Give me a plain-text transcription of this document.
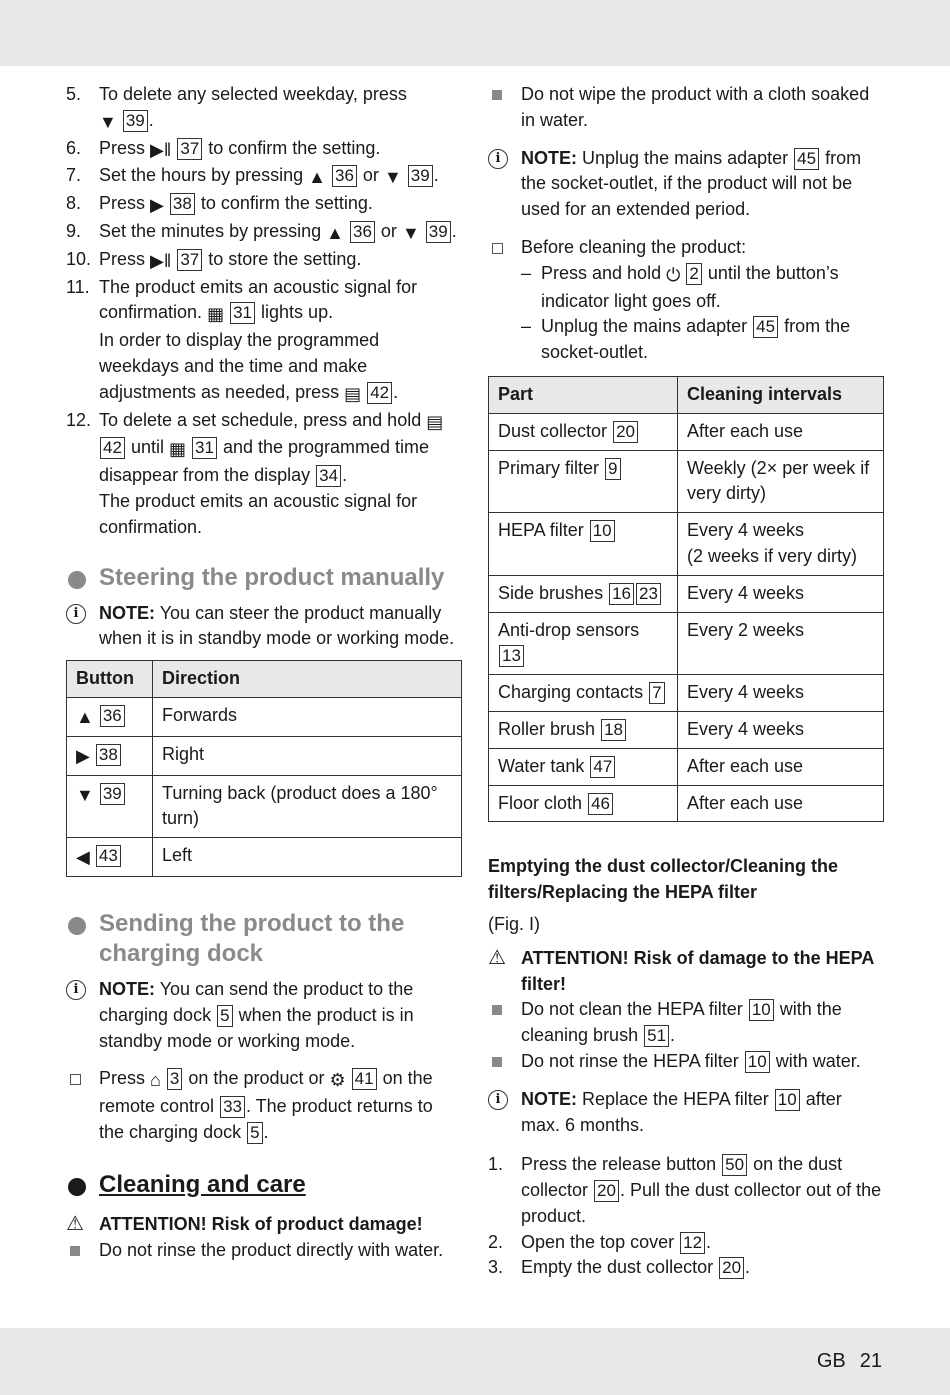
5. To delete any selected weekday, press
▼ 39 .
6. Press ▶‖ 37 to confirm the setting.
7. Set the hours by pressing ▲ 36 or ▼ 39 .
8. Press ▶ 38 to confirm the setting.
9. Set the minutes by pressing ▲ 36 or ▼ 39 .
10. Press ▶‖ 37 to store the setting.
11. The product emits an acoustic signal for confirmation. ▦ 31 lights up.
In order to display the programmed weekdays and the time and make adjustments as needed, press ▤ 42 .
12. To delete a set schedule, press and hold ▤ 42 until ▦ 31 and the programmed time disappear from the display 34 .
The product emits an acoustic signal for confirmation.
Steering the product manually
i	NOTE: You can steer the product manually when it is in standby mode or working mode.
Button	Direction
▲ 36	Forwards
▶ 38	Right
▼ 39	Turning back (product does a 180° turn)
◀ 43	Left
Sending the product to the charging dock
i	NOTE: You can send the product to the charging dock 5 when the product is in standby mode or working mode.
Press ⌂ 3 on the product or ⚙ 41 on the remote control 33 . The product returns to the charging dock 5 .
Cleaning and care
⚠ ATTENTION! Risk of product damage!
Do not rinse the product directly with water.
Do not wipe the product with a cloth soaked in water.
i	NOTE: Unplug the mains adapter 45 from the socket-outlet, if the product will not be used for an extended period.
Before cleaning the product:
– Press and hold ⏻ 2 until the button’s indicator light goes off.
– Unplug the mains adapter 45 from the socket-outlet.
Part	Cleaning intervals
Dust collector 20	After each use
Primary filter 9	Weekly (2× per week if very dirty)
HEPA filter 10	Every 4 weeks
(2 weeks if very dirty)
Side brushes 16 23	Every 4 weeks
Anti-drop sensors 13	Every 2 weeks
Charging contacts 7	Every 4 weeks
Roller brush 18	Every 4 weeks
Water tank 47	After each use
Floor cloth 46	After each use
Emptying the dust collector/Cleaning the filters/Replacing the HEPA filter
(Fig. I)
⚠ ATTENTION! Risk of damage to the HEPA filter!
Do not clean the HEPA filter 10 with the cleaning brush 51 .
Do not rinse the HEPA filter 10 with water.
i	NOTE: Replace the HEPA filter 10 after max. 6 months.
1. Press the release button 50 on the dust collector 20 . Pull the dust collector out of the product.
2. Open the top cover 12 .
3. Empty the dust collector 20 .
GB 21
